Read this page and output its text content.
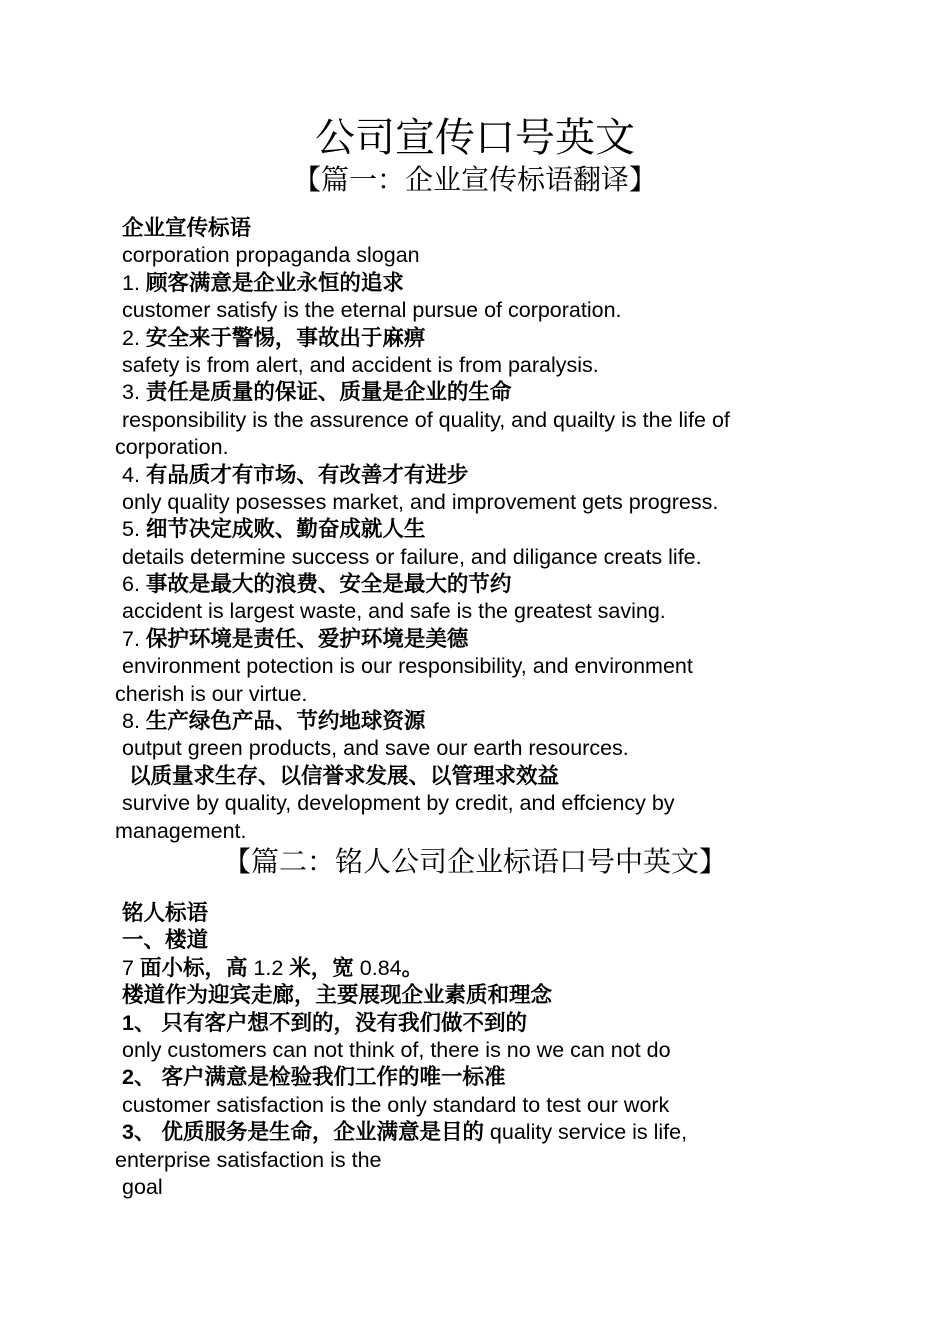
公司宣传口号英文
【篇一：企业宣传标语翻译】
企业宣传标语
corporation propaganda slogan
1. 顾客满意是企业永恒的追求
customer satisfy is the eternal pursue of corporation.
2. 安全来于警惕，事故出于麻痹
safety is from alert, and accident is from paralysis.
3. 责任是质量的保证、质量是企业的生命
responsibility is the assurence of quality, and quailty is the life of
corporation.
4. 有品质才有市场、有改善才有进步
only quality posesses market, and improvement gets progress.
5. 细节决定成败、勤奋成就人生
details determine success or failure, and diligance creats life.
6. 事故是最大的浪费、安全是最大的节约
accident is largest waste, and safe is the greatest saving.
7. 保护环境是责任、爱护环境是美德
environment potection is our responsibility, and environment
cherish is our virtue.
8. 生产绿色产品、节约地球资源
output green products, and save our earth resources.
以质量求生存、以信誉求发展、以管理求效益
survive by quality, development by credit, and effciency by
management.
【篇二：铭人公司企业标语口号中英文】
铭人标语
一、楼道
7 面小标，高 1.2 米，宽 0.84。
楼道作为迎宾走廊，主要展现企业素质和理念
1、 只有客户想不到的，没有我们做不到的
only customers can not think of, there is no we can not do
2、 客户满意是检验我们工作的唯一标准
customer satisfaction is the only standard to test our work
3、 优质服务是生命，企业满意是目的 quality service is life,
enterprise satisfaction is the
goal
